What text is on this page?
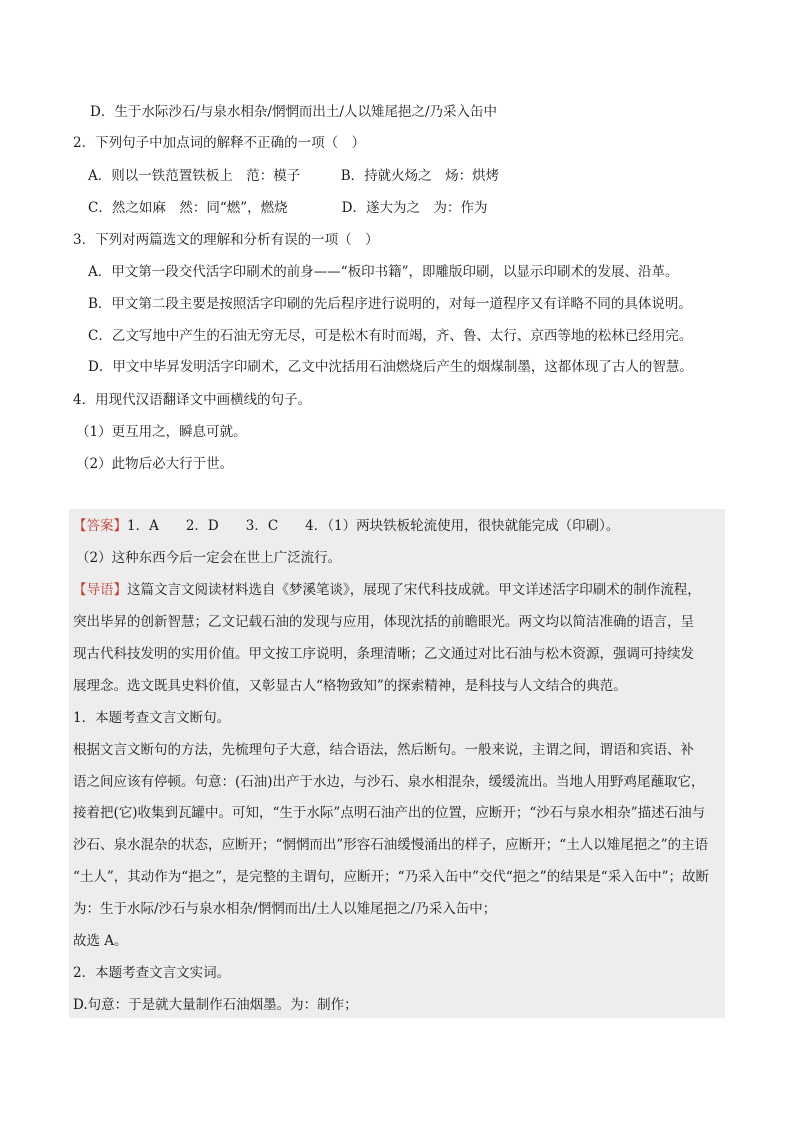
D．生于水际沙石/与泉水相杂/惘惘而出土/人以雉尾挹之/乃采入缶中
2．下列句子中加点词的解释不正确的一项（　）
A．则以一铁范置铁板上　范：模子　　　B．持就火炀之　炀：烘烤
C．然之如麻　然：同“燃”，燃烧　　　　D．遂大为之　为：作为
3．下列对两篇选文的理解和分析有误的一项（　）
A．甲文第一段交代活字印刷术的前身——“板印书籍”，即雕版印刷，以显示印刷术的发展、沿革。
B．甲文第二段主要是按照活字印刷的先后程序进行说明的，对每一道程序又有详略不同的具体说明。
C．乙文写地中产生的石油无穷无尽，可是松木有时而竭，齐、鲁、太行、京西等地的松林已经用完。
D．甲文中毕昇发明活字印刷术，乙文中沈括用石油燃烧后产生的烟煤制墨，这都体现了古人的智慧。
4．用现代汉语翻译文中画横线的句子。
（1）更互用之，瞬息可就。
（2）此物后必大行于世。
【答案】1．A　　2．D　　3．C　　4．（1）两块铁板轮流使用，很快就能完成（印刷）。
（2）这种东西今后一定会在世上广泛流行。
【导语】这篇文言文阅读材料选自《梦溪笔谈》，展现了宋代科技成就。甲文详述活字印刷术的制作流程，
突出毕昇的创新智慧；乙文记载石油的发现与应用，体现沈括的前瞻眼光。两文均以简洁准确的语言，呈
现古代科技发明的实用价值。甲文按工序说明，条理清晰；乙文通过对比石油与松木资源，强调可持续发
展理念。选文既具史料价值，又彰显古人“格物致知”的探索精神，是科技与人文结合的典范。
1．本题考查文言文断句。
根据文言文断句的方法，先梳理句子大意，结合语法，然后断句。一般来说，主谓之间，谓语和宾语、补
语之间应该有停顿。句意：(石油)出产于水边，与沙石、泉水相混杂，缓缓流出。当地人用野鸡尾蘸取它，
接着把(它)收集到瓦罐中。可知，“生于水际”点明石油产出的位置，应断开；“沙石与泉水相杂”描述石油与
沙石、泉水混杂的状态，应断开；“惘惘而出”形容石油缓慢涌出的样子，应断开；“土人以雉尾挹之”的主语
“土人”，其动作为“挹之”，是完整的主谓句，应断开；“乃采入缶中”交代“挹之”的结果是“采入缶中”；故断
为：生于水际/沙石与泉水相杂/惘惘而出/土人以雉尾挹之/乃采入缶中；
故选 A。
2．本题考查文言文实词。
D.句意：于是就大量制作石油烟墨。为：制作；
